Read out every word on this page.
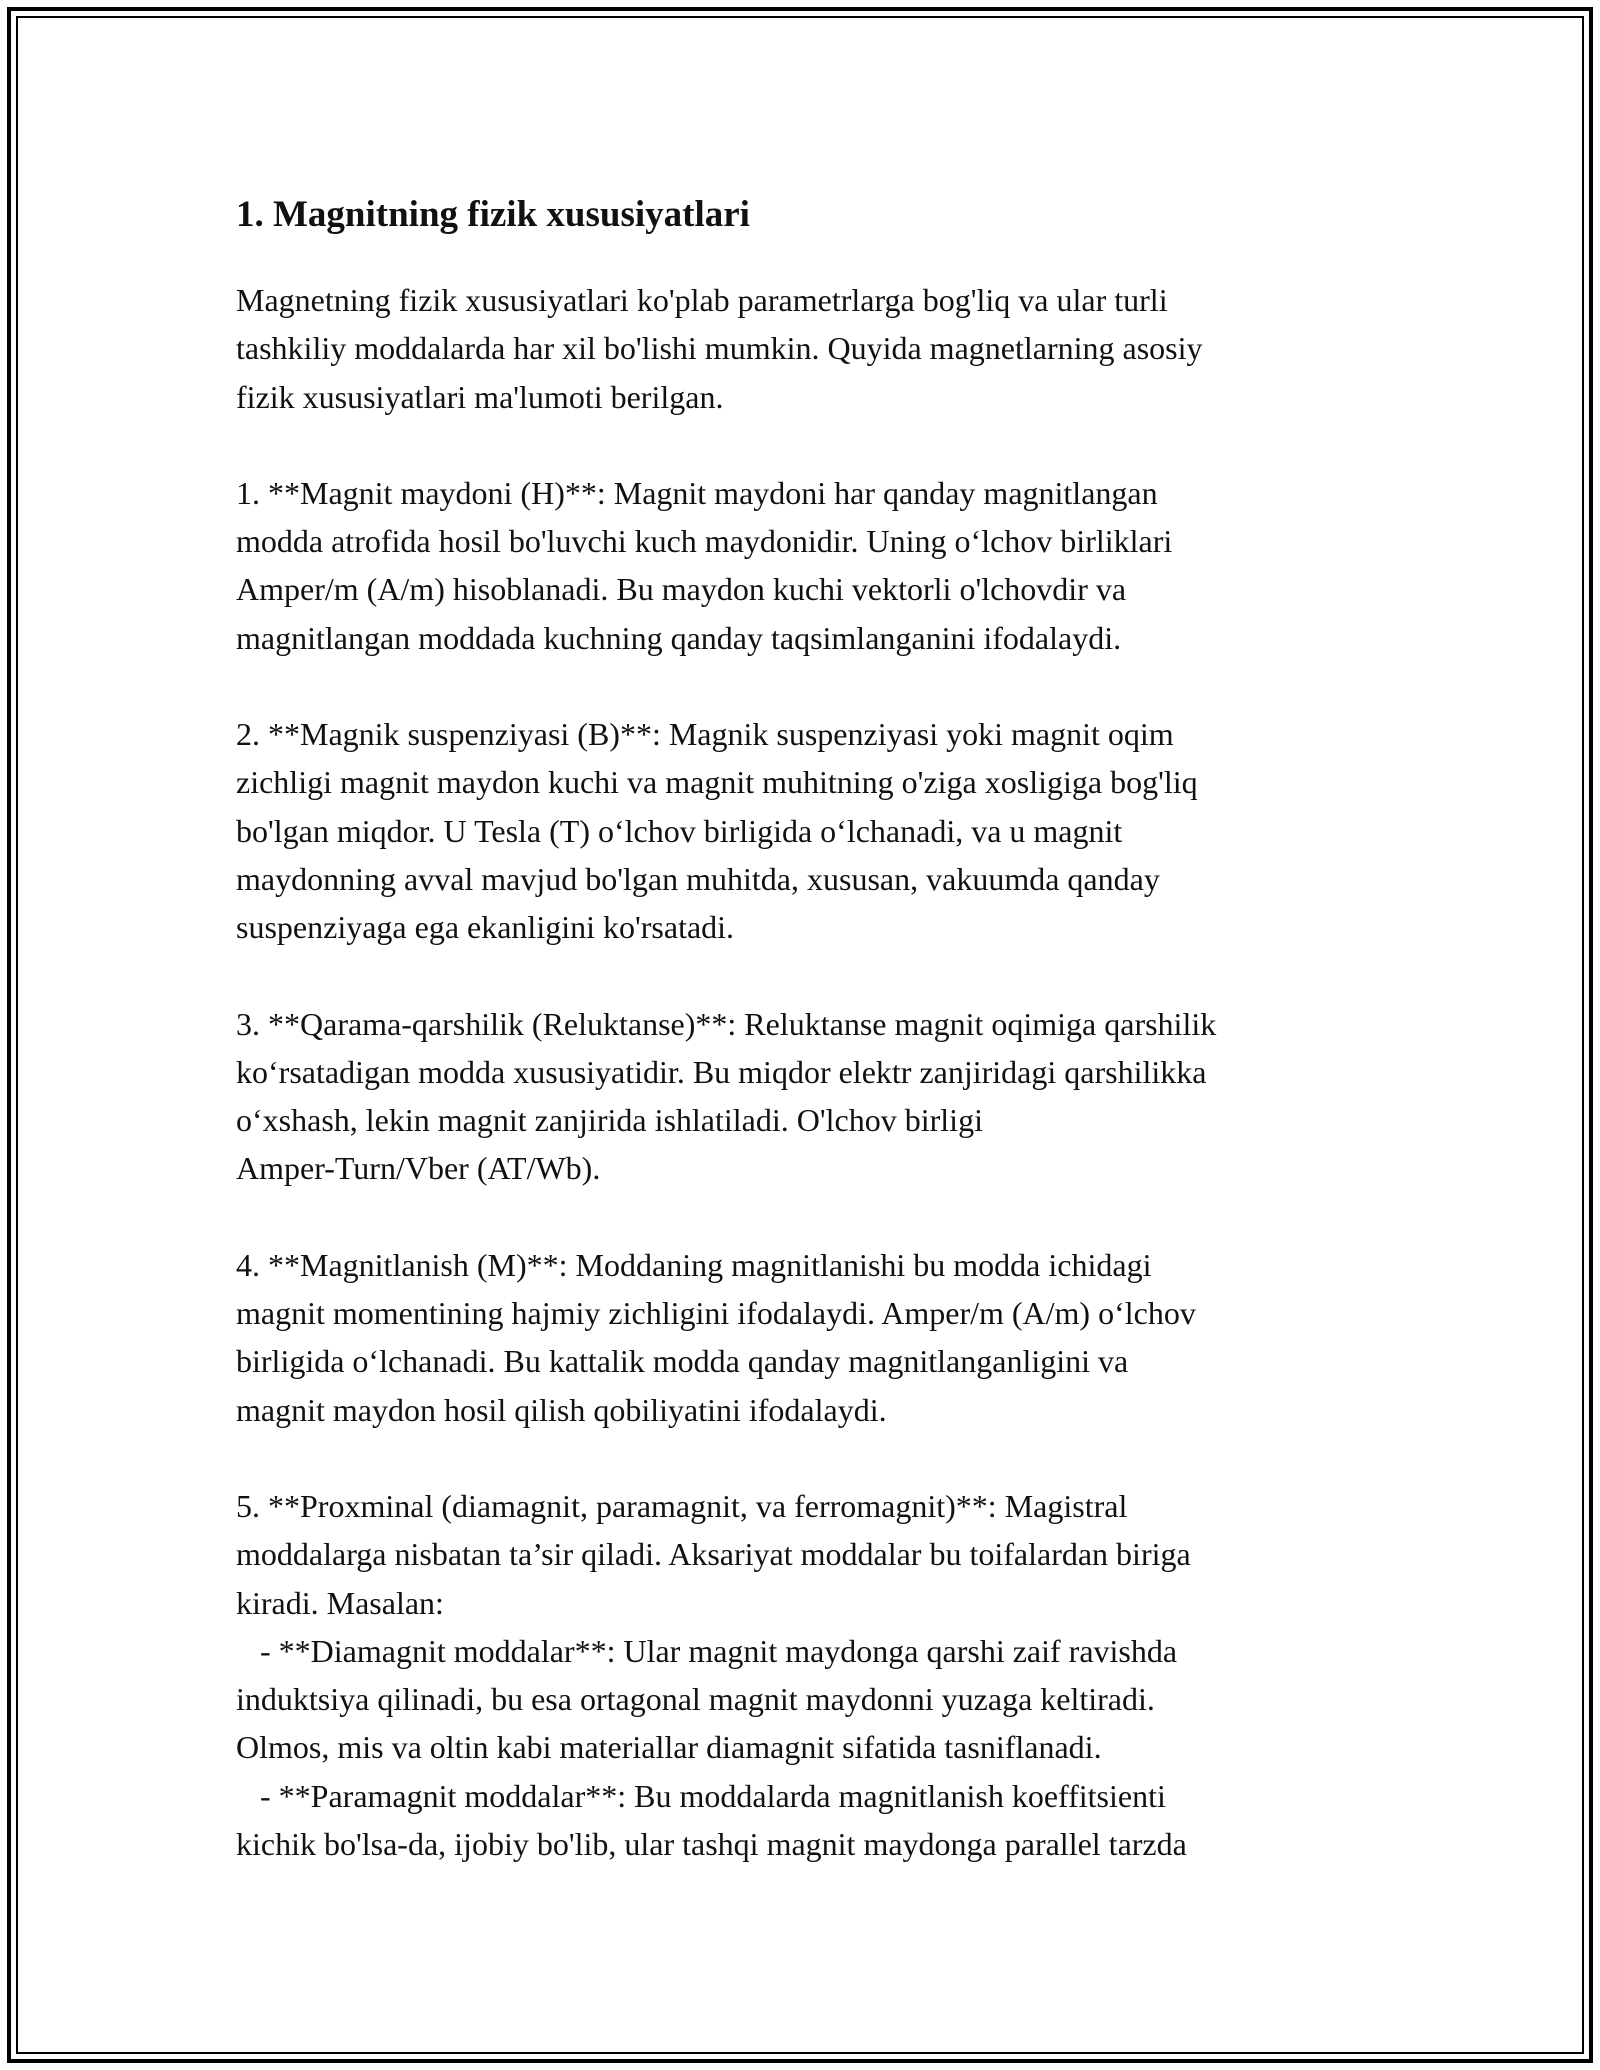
1. Magnitning fizik xususiyatlari

Magnetning fizik xususiyatlari ko'plab parametrlarga bog'liq va ular turli
tashkiliy moddalarda har xil bo'lishi mumkin. Quyida magnetlarning asosiy
fizik xususiyatlari ma'lumoti berilgan.

1. **Magnit maydoni (H)**: Magnit maydoni har qanday magnitlangan
modda atrofida hosil bo'luvchi kuch maydonidir. Uning o‘lchov birliklari
Amper/m (A/m) hisoblanadi. Bu maydon kuchi vektorli o'lchovdir va
magnitlangan moddada kuchning qanday taqsimlanganini ifodalaydi.

2. **Magnik suspenziyasi (B)**: Magnik suspenziyasi yoki magnit oqim
zichligi magnit maydon kuchi va magnit muhitning o'ziga xosligiga bog'liq
bo'lgan miqdor. U Tesla (T) o‘lchov birligida o‘lchanadi, va u magnit
maydonning avval mavjud bo'lgan muhitda, xususan, vakuumda qanday
suspenziyaga ega ekanligini ko'rsatadi.

3. **Qarama-qarshilik (Reluktanse)**: Reluktanse magnit oqimiga qarshilik
ko‘rsatadigan modda xususiyatidir. Bu miqdor elektr zanjiridagi qarshilikka
o‘xshash, lekin magnit zanjirida ishlatiladi. O'lchov birligi
Amper-Turn/Vber (AT/Wb).

4. **Magnitlanish (M)**: Moddaning magnitlanishi bu modda ichidagi
magnit momentining hajmiy zichligini ifodalaydi. Amper/m (A/m) o‘lchov
birligida o‘lchanadi. Bu kattalik modda qanday magnitlanganligini va
magnit maydon hosil qilish qobiliyatini ifodalaydi.

5. **Proxminal (diamagnit, paramagnit, va ferromagnit)**: Magistral
moddalarga nisbatan ta’sir qiladi. Aksariyat moddalar bu toifalardan biriga
kiradi. Masalan:
- **Diamagnit moddalar**: Ular magnit maydonga qarshi zaif ravishda
induktsiya qilinadi, bu esa ortagonal magnit maydonni yuzaga keltiradi.
Olmos, mis va oltin kabi materiallar diamagnit sifatida tasniflanadi.
- **Paramagnit moddalar**: Bu moddalarda magnitlanish koeffitsienti
kichik bo'lsa-da, ijobiy bo'lib, ular tashqi magnit maydonga parallel tarzda
